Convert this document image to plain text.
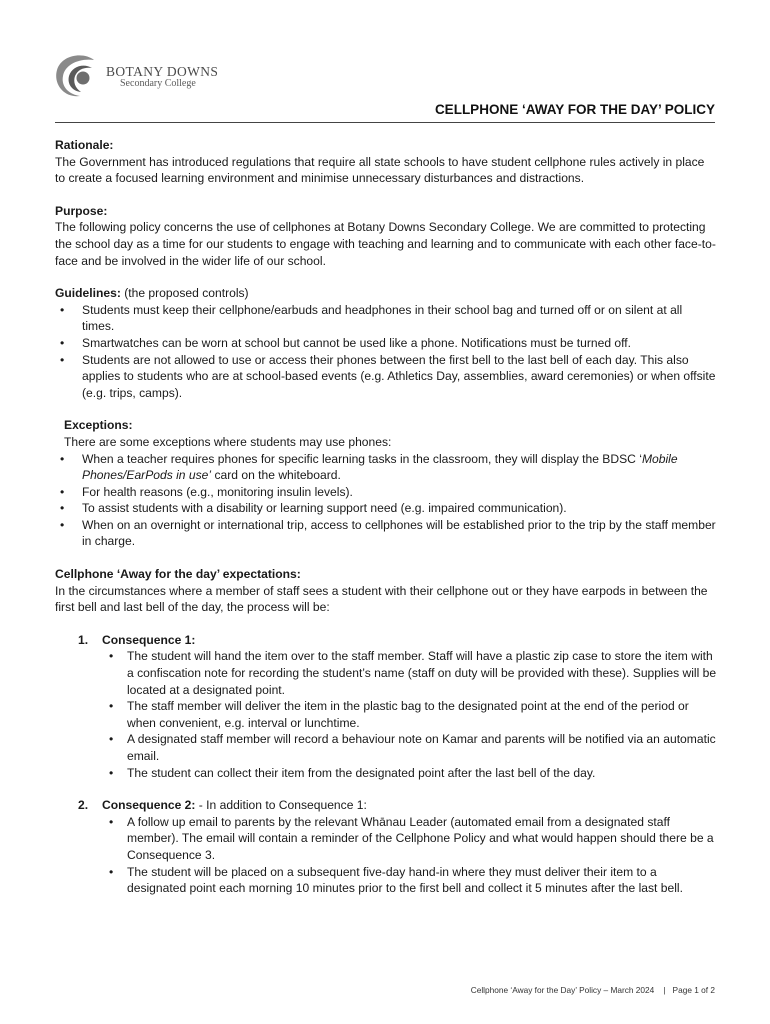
BOTANY DOWNS
Secondary College
CELLPHONE ‘AWAY FOR THE DAY’ POLICY

Rationale:

The Government has introduced regulations that require all state schools to have student cellphone rules actively in place to create a focused learning environment and minimise unnecessary disturbances and distractions.

Purpose:

The following policy concerns the use of cellphones at Botany Downs Secondary College. We are committed to protecting the school day as a time for our students to engage with teaching and learning and to communicate with each other face-to-face and be involved in the wider life of our school.

Guidelines: (the proposed controls)

• Students must keep their cellphone/earbuds and headphones in their school bag and turned off or on silent at all times.
• Smartwatches can be worn at school but cannot be used like a phone. Notifications must be turned off.
• Students are not allowed to use or access their phones between the first bell to the last bell of each day. This also applies to students who are at school-based events (e.g. Athletics Day, assemblies, award ceremonies) or when offsite (e.g. trips, camps).

Exceptions:

There are some exceptions where students may use phones:

• When a teacher requires phones for specific learning tasks in the classroom, they will display the BDSC ‘Mobile Phones/EarPods in use’ card on the whiteboard.
• For health reasons (e.g., monitoring insulin levels).
• To assist students with a disability or learning support need (e.g. impaired communication).
• When on an overnight or international trip, access to cellphones will be established prior to the trip by the staff member in charge.

Cellphone ‘Away for the day’ expectations:

In the circumstances where a member of staff sees a student with their cellphone out or they have earpods in between the first bell and last bell of the day, the process will be:

1. Consequence 1:
• The student will hand the item over to the staff member. Staff will have a plastic zip case to store the item with a confiscation note for recording the student’s name (staff on duty will be provided with these). Supplies will be located at a designated point.
• The staff member will deliver the item in the plastic bag to the designated point at the end of the period or when convenient, e.g. interval or lunchtime.
• A designated staff member will record a behaviour note on Kamar and parents will be notified via an automatic email.
• The student can collect their item from the designated point after the last bell of the day.
2. Consequence 2: - In addition to Consequence 1:
• A follow up email to parents by the relevant Whānau Leader (automated email from a designated staff member). The email will contain a reminder of the Cellphone Policy and what would happen should there be a Consequence 3.
• The student will be placed on a subsequent five-day hand-in where they must deliver their item to a designated point each morning 10 minutes prior to the first bell and collect it 5 minutes after the last bell.
Cellphone ‘Away for the Day’ Policy – March 2024    |   Page 1 of 2
